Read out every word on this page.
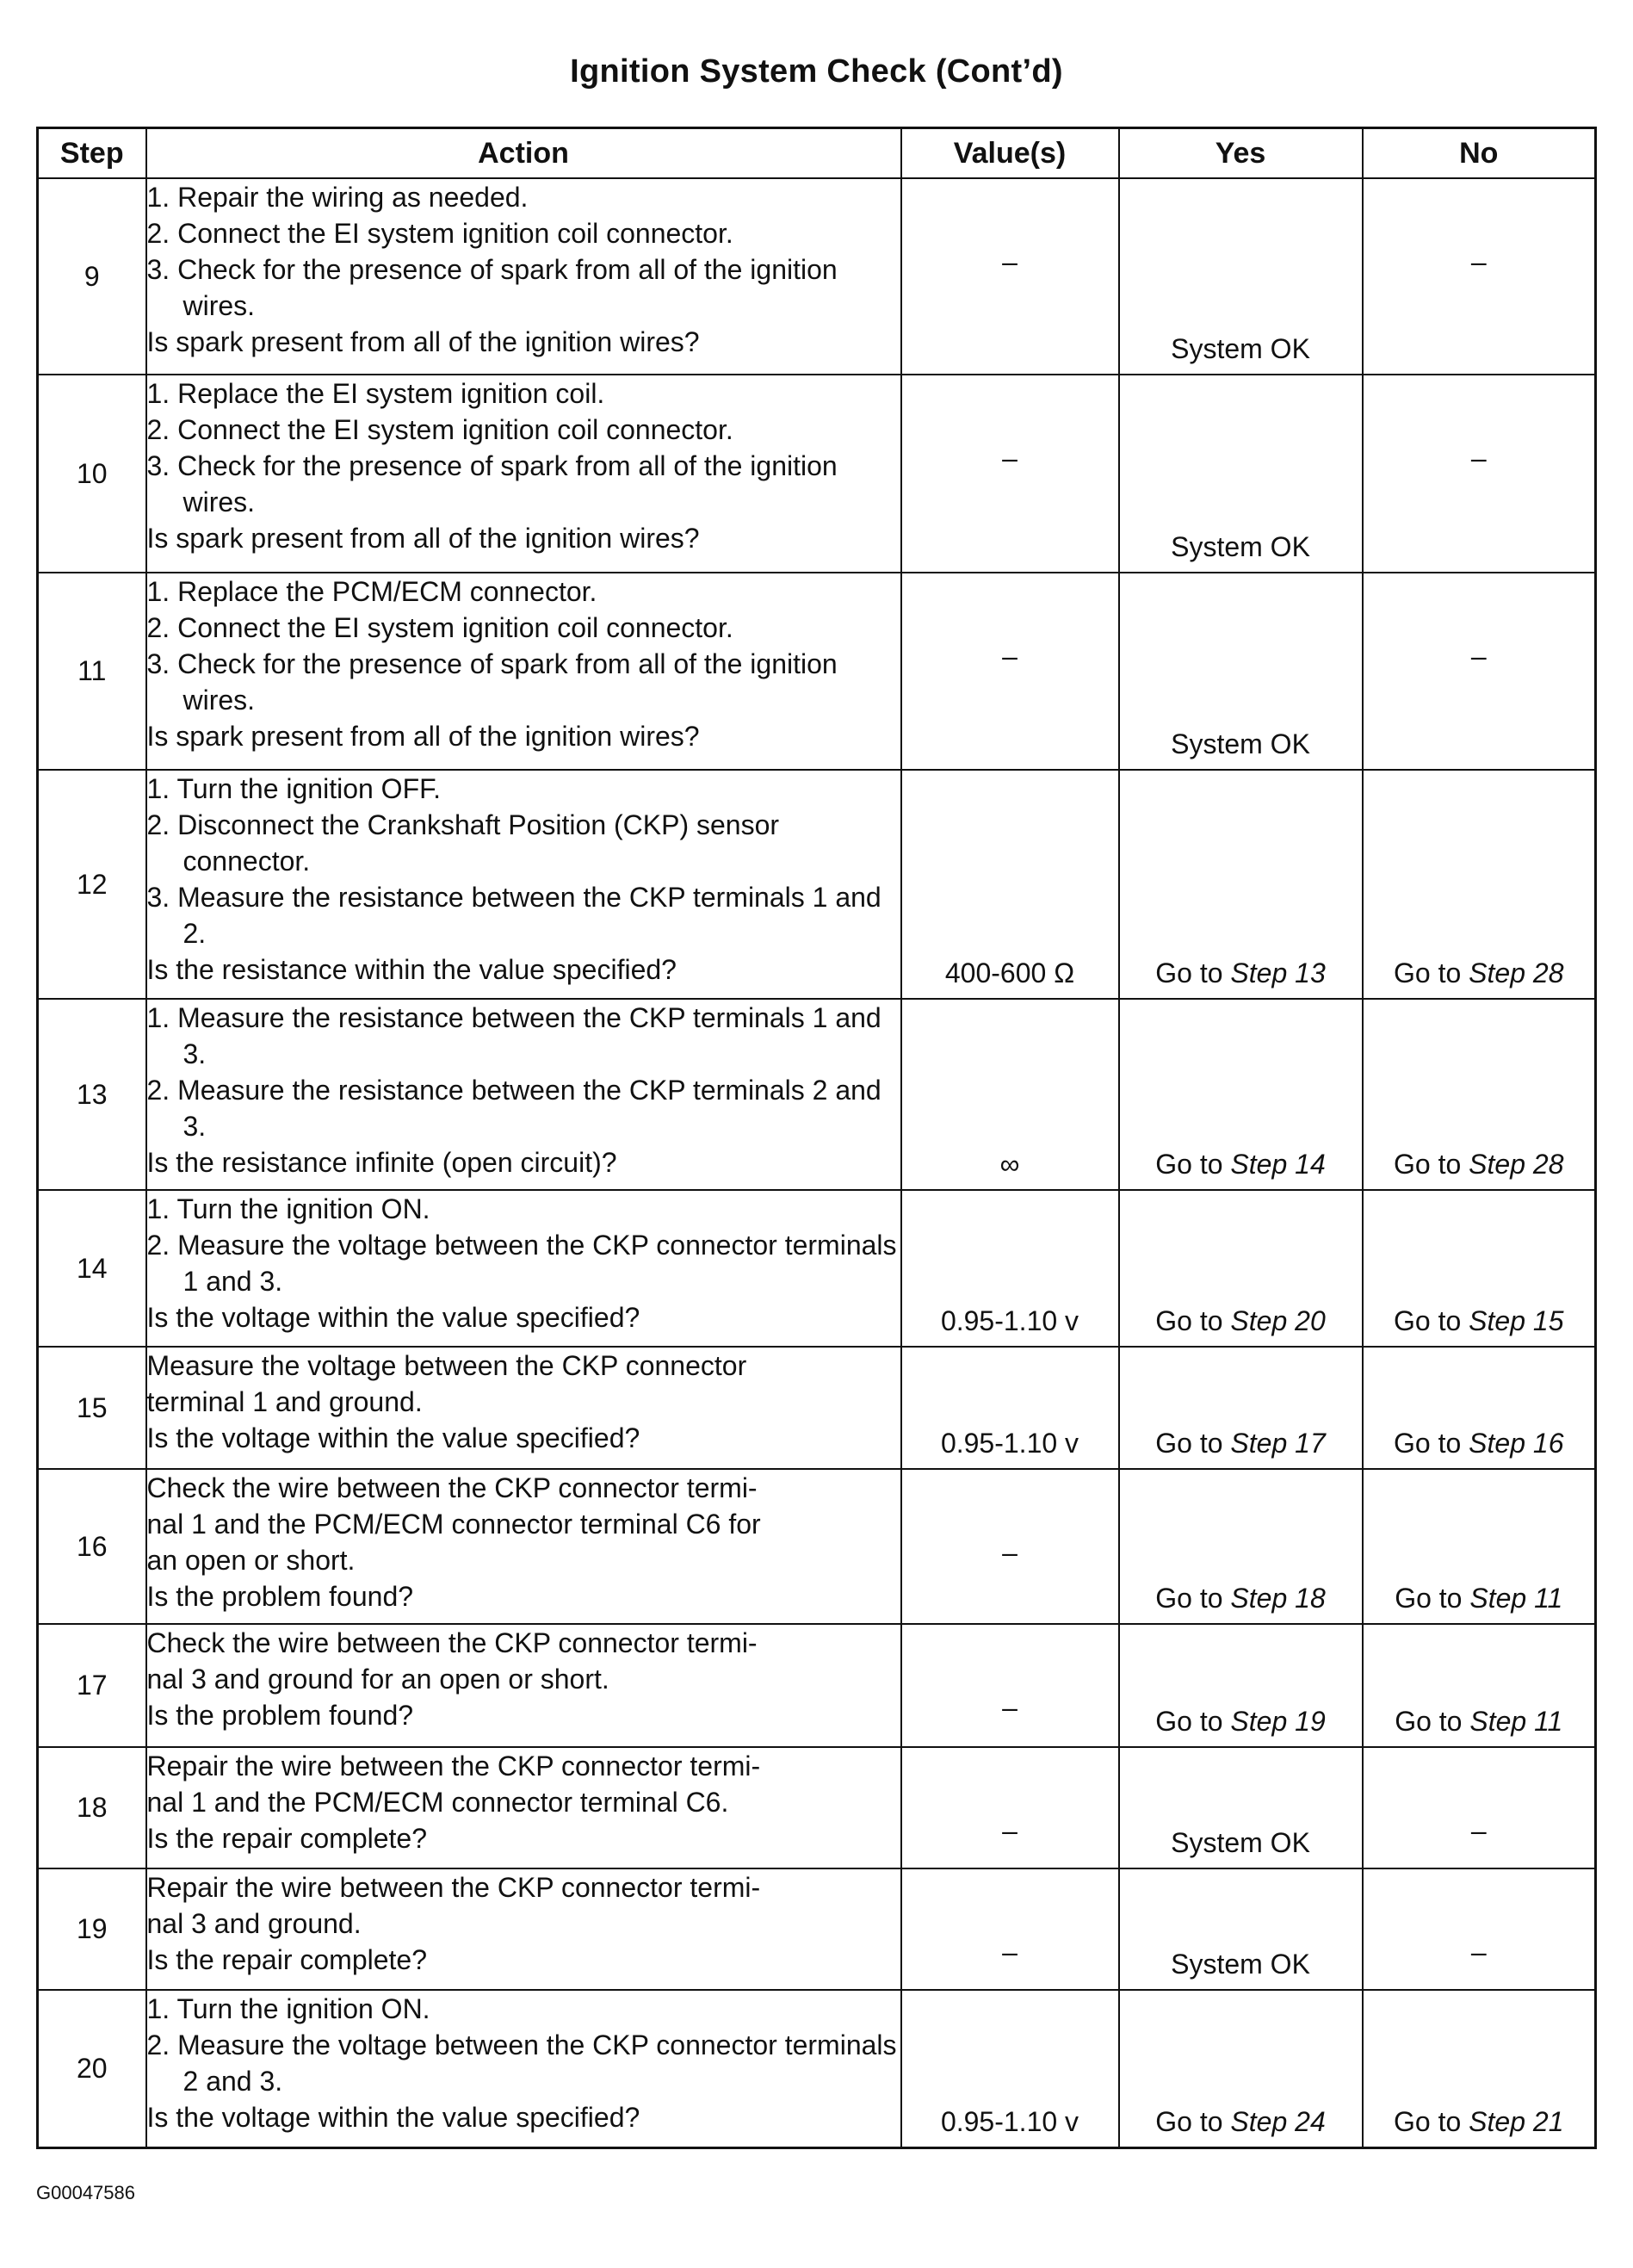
Ignition System Check (Cont’d)
Step	Action	Value(s)	Yes	No
9	1. Repair the wiring as needed.
2. Connect the EI system ignition coil connector.
3. Check for the presence of spark from all of the ignition wires.
Is spark present from all of the ignition wires?	–	System OK	–

10	1. Replace the EI system ignition coil.
2. Connect the EI system ignition coil connector.
3. Check for the presence of spark from all of the ignition wires.
Is spark present from all of the ignition wires?	–	System OK	–

11	1. Replace the PCM/ECM connector.
2. Connect the EI system ignition coil connector.
3. Check for the presence of spark from all of the ignition wires.
Is spark present from all of the ignition wires?	–	System OK	–

12	1. Turn the ignition OFF.
2. Disconnect the Crankshaft Position (CKP) sensor connector.
3. Measure the resistance between the CKP terminals 1 and 2.
Is the resistance within the value specified?	400-600 Ω	Go to Step 13	Go to Step 28

13	1. Measure the resistance between the CKP terminals 1 and 3.
2. Measure the resistance between the CKP terminals 2 and 3.
Is the resistance infinite (open circuit)?	∞	Go to Step 14	Go to Step 28

14	1. Turn the ignition ON.
2. Measure the voltage between the CKP connector terminals 1 and 3.
Is the voltage within the value specified?	0.95-1.10 v	Go to Step 20	Go to Step 15

15	Measure the voltage between the CKP connector
terminal 1 and ground.
Is the voltage within the value specified?	0.95-1.10 v	Go to Step 17	Go to Step 16

16	Check the wire between the CKP connector termi-
nal 1 and the PCM/ECM connector terminal C6 for
an open or short.
Is the problem found?	–	Go to Step 18	Go to Step 11

17	Check the wire between the CKP connector termi-
nal 3 and ground for an open or short.
Is the problem found?	–	Go to Step 19	Go to Step 11

18	Repair the wire between the CKP connector termi-
nal 1 and the PCM/ECM connector terminal C6.
Is the repair complete?	–	System OK	–

19	Repair the wire between the CKP connector termi-
nal 3 and ground.
Is the repair complete?	–	System OK	–

20	1. Turn the ignition ON.
2. Measure the voltage between the CKP connector terminals 2 and 3.
Is the voltage within the value specified?	0.95-1.10 v	Go to Step 24	Go to Step 21
G00047586
